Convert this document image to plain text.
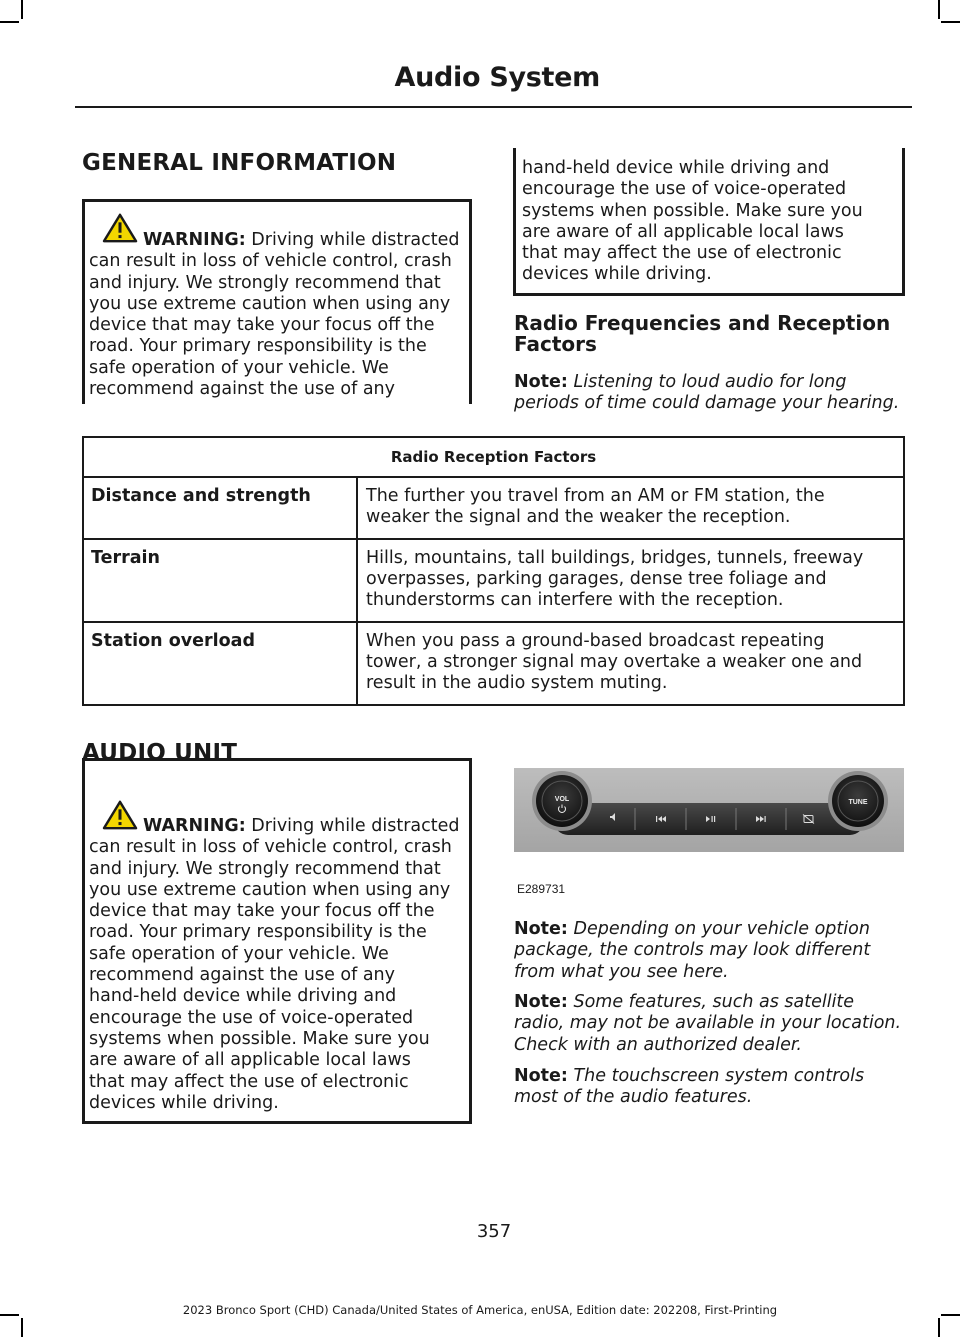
Audio System
GENERAL INFORMATION
WARNING: Driving while distracted
can result in loss of vehicle control, crash
and injury. We strongly recommend that
you use extreme caution when using any
device that may take your focus off the
road. Your primary responsibility is the
safe operation of your vehicle. We
recommend against the use of any
hand-held device while driving and
encourage the use of voice-operated
systems when possible. Make sure you
are aware of all applicable local laws
that may affect the use of electronic
devices while driving.
Radio Frequencies and Reception
Factors
Note: Listening to loud audio for long
periods of time could damage your hearing.
Radio Reception Factors	
Distance and strength	The further you travel from an AM or FM station, the
weaker the signal and the weaker the reception.

Terrain	Hills, mountains, tall buildings, bridges, tunnels, freeway
overpasses, parking garages, dense tree foliage and
thunderstorms can interfere with the reception.

Station overload	When you pass a ground-based broadcast repeating
tower, a stronger signal may overtake a weaker one and
result in the audio system muting.
AUDIO UNIT
WARNING: Driving while distracted
can result in loss of vehicle control, crash
and injury. We strongly recommend that
you use extreme caution when using any
device that may take your focus off the
road. Your primary responsibility is the
safe operation of your vehicle. We
recommend against the use of any
hand-held device while driving and
encourage the use of voice-operated
systems when possible. Make sure you
are aware of all applicable local laws
that may affect the use of electronic
devices while driving.
VOL	TUNE
E289731
Note: Depending on your vehicle option
package, the controls may look different
from what you see here.
Note: Some features, such as satellite
radio, may not be available in your location.
Check with an authorized dealer.
Note: The touchscreen system controls
most of the audio features.
357
2023 Bronco Sport (CHD) Canada/United States of America, enUSA, Edition date: 202208, First-Printing
